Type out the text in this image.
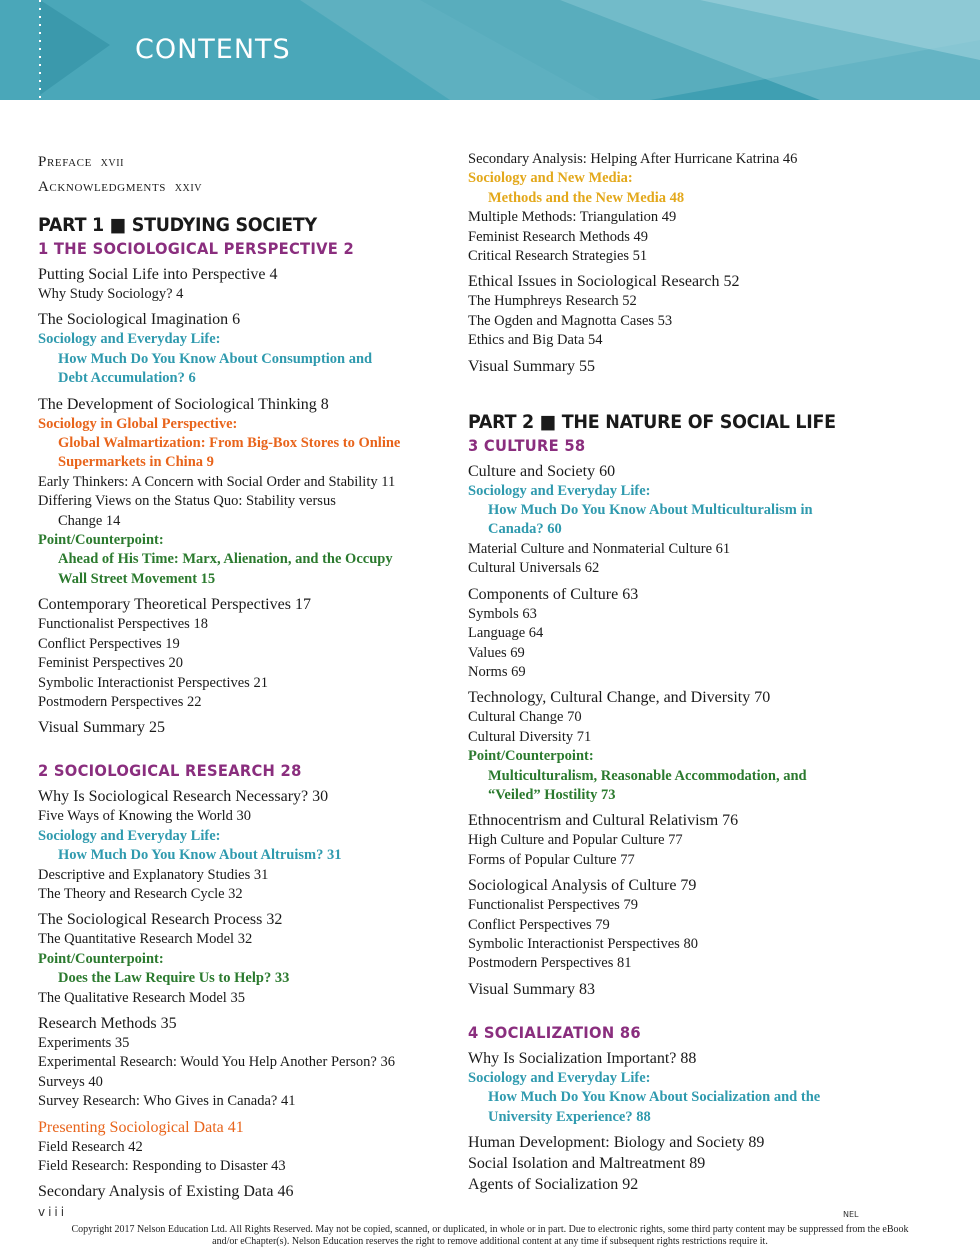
CONTENTS
Preface xvii
Acknowledgments xxiv
PART 1 ■ STUDYING SOCIETY
1 THE SOCIOLOGICAL PERSPECTIVE 2
Putting Social Life into Perspective 4
Why Study Sociology? 4
The Sociological Imagination 6
Sociology and Everyday Life:
How Much Do You Know About Consumption and
Debt Accumulation? 6
The Development of Sociological Thinking 8
Sociology in Global Perspective:
Global Walmartization: From Big-Box Stores to Online
Supermarkets in China 9
Early Thinkers: A Concern with Social Order and Stability 11
Differing Views on the Status Quo: Stability versus
Change 14
Point/Counterpoint:
Ahead of His Time: Marx, Alienation, and the Occupy
Wall Street Movement 15
Contemporary Theoretical Perspectives 17
Functionalist Perspectives 18
Conflict Perspectives 19
Feminist Perspectives 20
Symbolic Interactionist Perspectives 21
Postmodern Perspectives 22
Visual Summary 25
2 SOCIOLOGICAL RESEARCH 28
Why Is Sociological Research Necessary? 30
Five Ways of Knowing the World 30
Sociology and Everyday Life:
How Much Do You Know About Altruism? 31
Descriptive and Explanatory Studies 31
The Theory and Research Cycle 32
The Sociological Research Process 32
The Quantitative Research Model 32
Point/Counterpoint:
Does the Law Require Us to Help? 33
The Qualitative Research Model 35
Research Methods 35
Experiments 35
Experimental Research: Would You Help Another Person? 36
Surveys 40
Survey Research: Who Gives in Canada? 41
Presenting Sociological Data 41
Field Research 42
Field Research: Responding to Disaster 43
Secondary Analysis of Existing Data 46
Secondary Analysis: Helping After Hurricane Katrina 46
Sociology and New Media:
Methods and the New Media 48
Multiple Methods: Triangulation 49
Feminist Research Methods 49
Critical Research Strategies 51
Ethical Issues in Sociological Research 52
The Humphreys Research 52
The Ogden and Magnotta Cases 53
Ethics and Big Data 54
Visual Summary 55
PART 2 ■ THE NATURE OF SOCIAL LIFE
3 CULTURE 58
Culture and Society 60
Sociology and Everyday Life:
How Much Do You Know About Multiculturalism in
Canada? 60
Material Culture and Nonmaterial Culture 61
Cultural Universals 62
Components of Culture 63
Symbols 63
Language 64
Values 69
Norms 69
Technology, Cultural Change, and Diversity 70
Cultural Change 70
Cultural Diversity 71
Point/Counterpoint:
Multiculturalism, Reasonable Accommodation, and
“Veiled” Hostility 73
Ethnocentrism and Cultural Relativism 76
High Culture and Popular Culture 77
Forms of Popular Culture 77
Sociological Analysis of Culture 79
Functionalist Perspectives 79
Conflict Perspectives 79
Symbolic Interactionist Perspectives 80
Postmodern Perspectives 81
Visual Summary 83
4 SOCIALIZATION 86
Why Is Socialization Important? 88
Sociology and Everyday Life:
How Much Do You Know About Socialization and the
University Experience? 88
Human Development: Biology and Society 89
Social Isolation and Maltreatment 89
Agents of Socialization 92
viii	NEL
Copyright 2017 Nelson Education Ltd. All Rights Reserved. May not be copied, scanned, or duplicated, in whole or in part. Due to electronic rights, some third party content may be suppressed from the eBook and/or eChapter(s). Nelson Education reserves the right to remove additional content at any time if subsequent rights restrictions require it.
